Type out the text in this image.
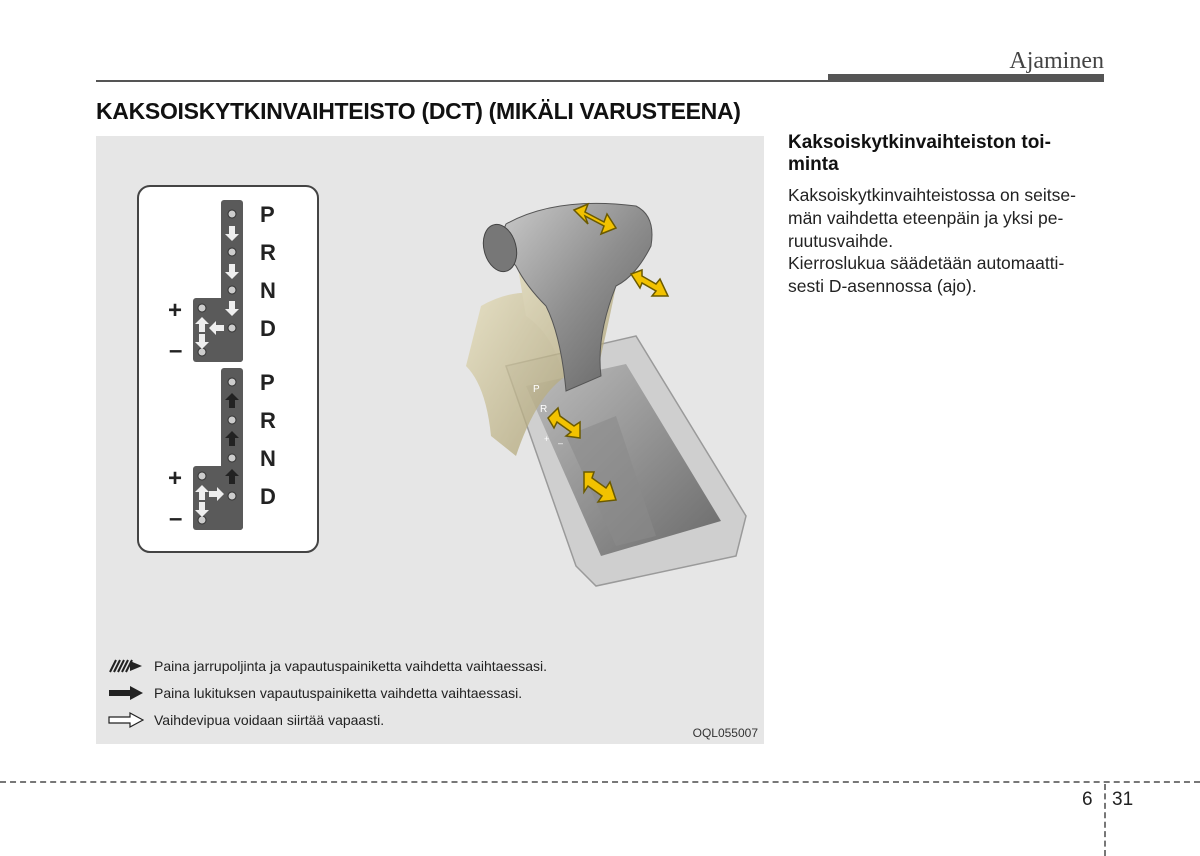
Ajaminen
KAKSOISKYTKINVAIHTEISTO (DCT) (MIKÄLI VARUSTEENA)
P
R
N
D
+
–
P
R
N
D
+
–
P
R
+ –
Paina jarrupoljinta ja vapautuspainiketta vaihdetta vaihtaessasi.
Paina lukituksen vapautuspainiketta vaihdetta vaihtaessasi.
Vaihdevipua voidaan siirtää vapaasti.
OQL055007
Kaksoiskytkinvaihteiston toi-
minta
Kaksoiskytkinvaihteistossa on seitse-
män vaihdetta eteenpäin ja yksi pe-
ruutusvaihde.
Kierroslukua säädetään automaatti-
sesti D-asennossa (ajo).
6 31
